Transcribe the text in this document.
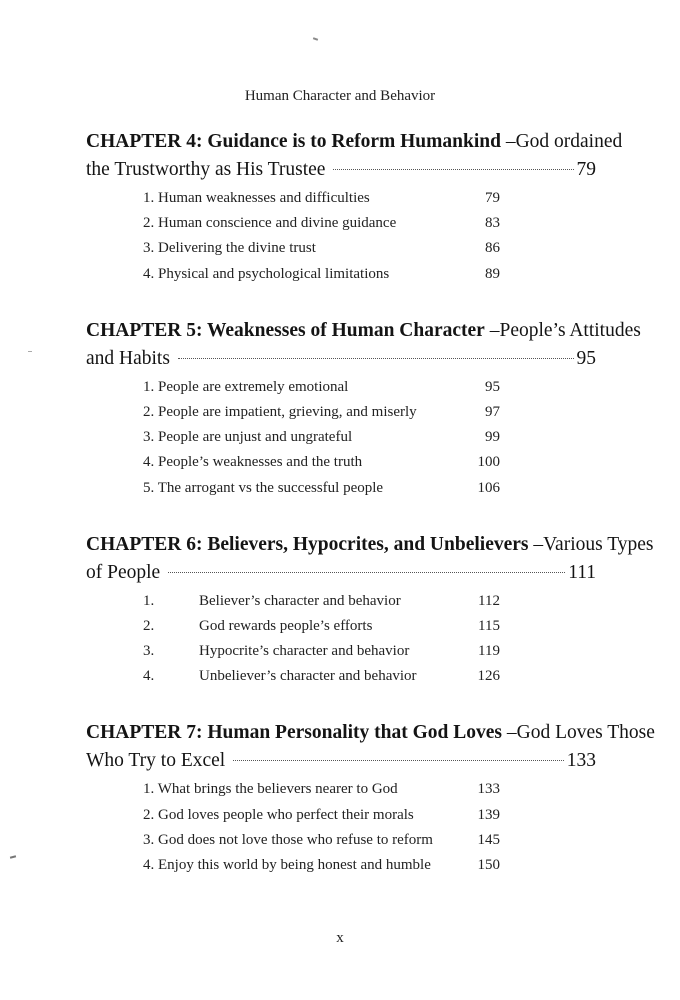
Human Character and Behavior
CHAPTER 4: Guidance is to Reform Humankind –God ordained
the Trustworthy as His Trustee	79
1. Human weaknesses and difficulties	79
2. Human conscience and divine guidance	83
3. Delivering the divine trust	86
4. Physical and psychological limitations	89
CHAPTER 5: Weaknesses of Human Character –People’s Attitudes
and Habits	95
1. People are extremely emotional	95
2. People are impatient, grieving, and miserly	97
3. People are unjust and ungrateful	99
4. People’s weaknesses and the truth	100
5. The arrogant vs the successful people	106
CHAPTER 6: Believers, Hypocrites, and Unbelievers –Various Types
of People	111
1.	Believer’s character and behavior	112
2.	God rewards people’s efforts	115
3.	Hypocrite’s character and behavior	119
4.	Unbeliever’s character and behavior	126
CHAPTER 7: Human Personality that God Loves –God Loves Those
Who Try to Excel	133
1. What brings the believers nearer to God	133
2. God loves people who perfect their morals	139
3. God does not love those who refuse to reform	145
4. Enjoy this world by being honest and humble	150
x
